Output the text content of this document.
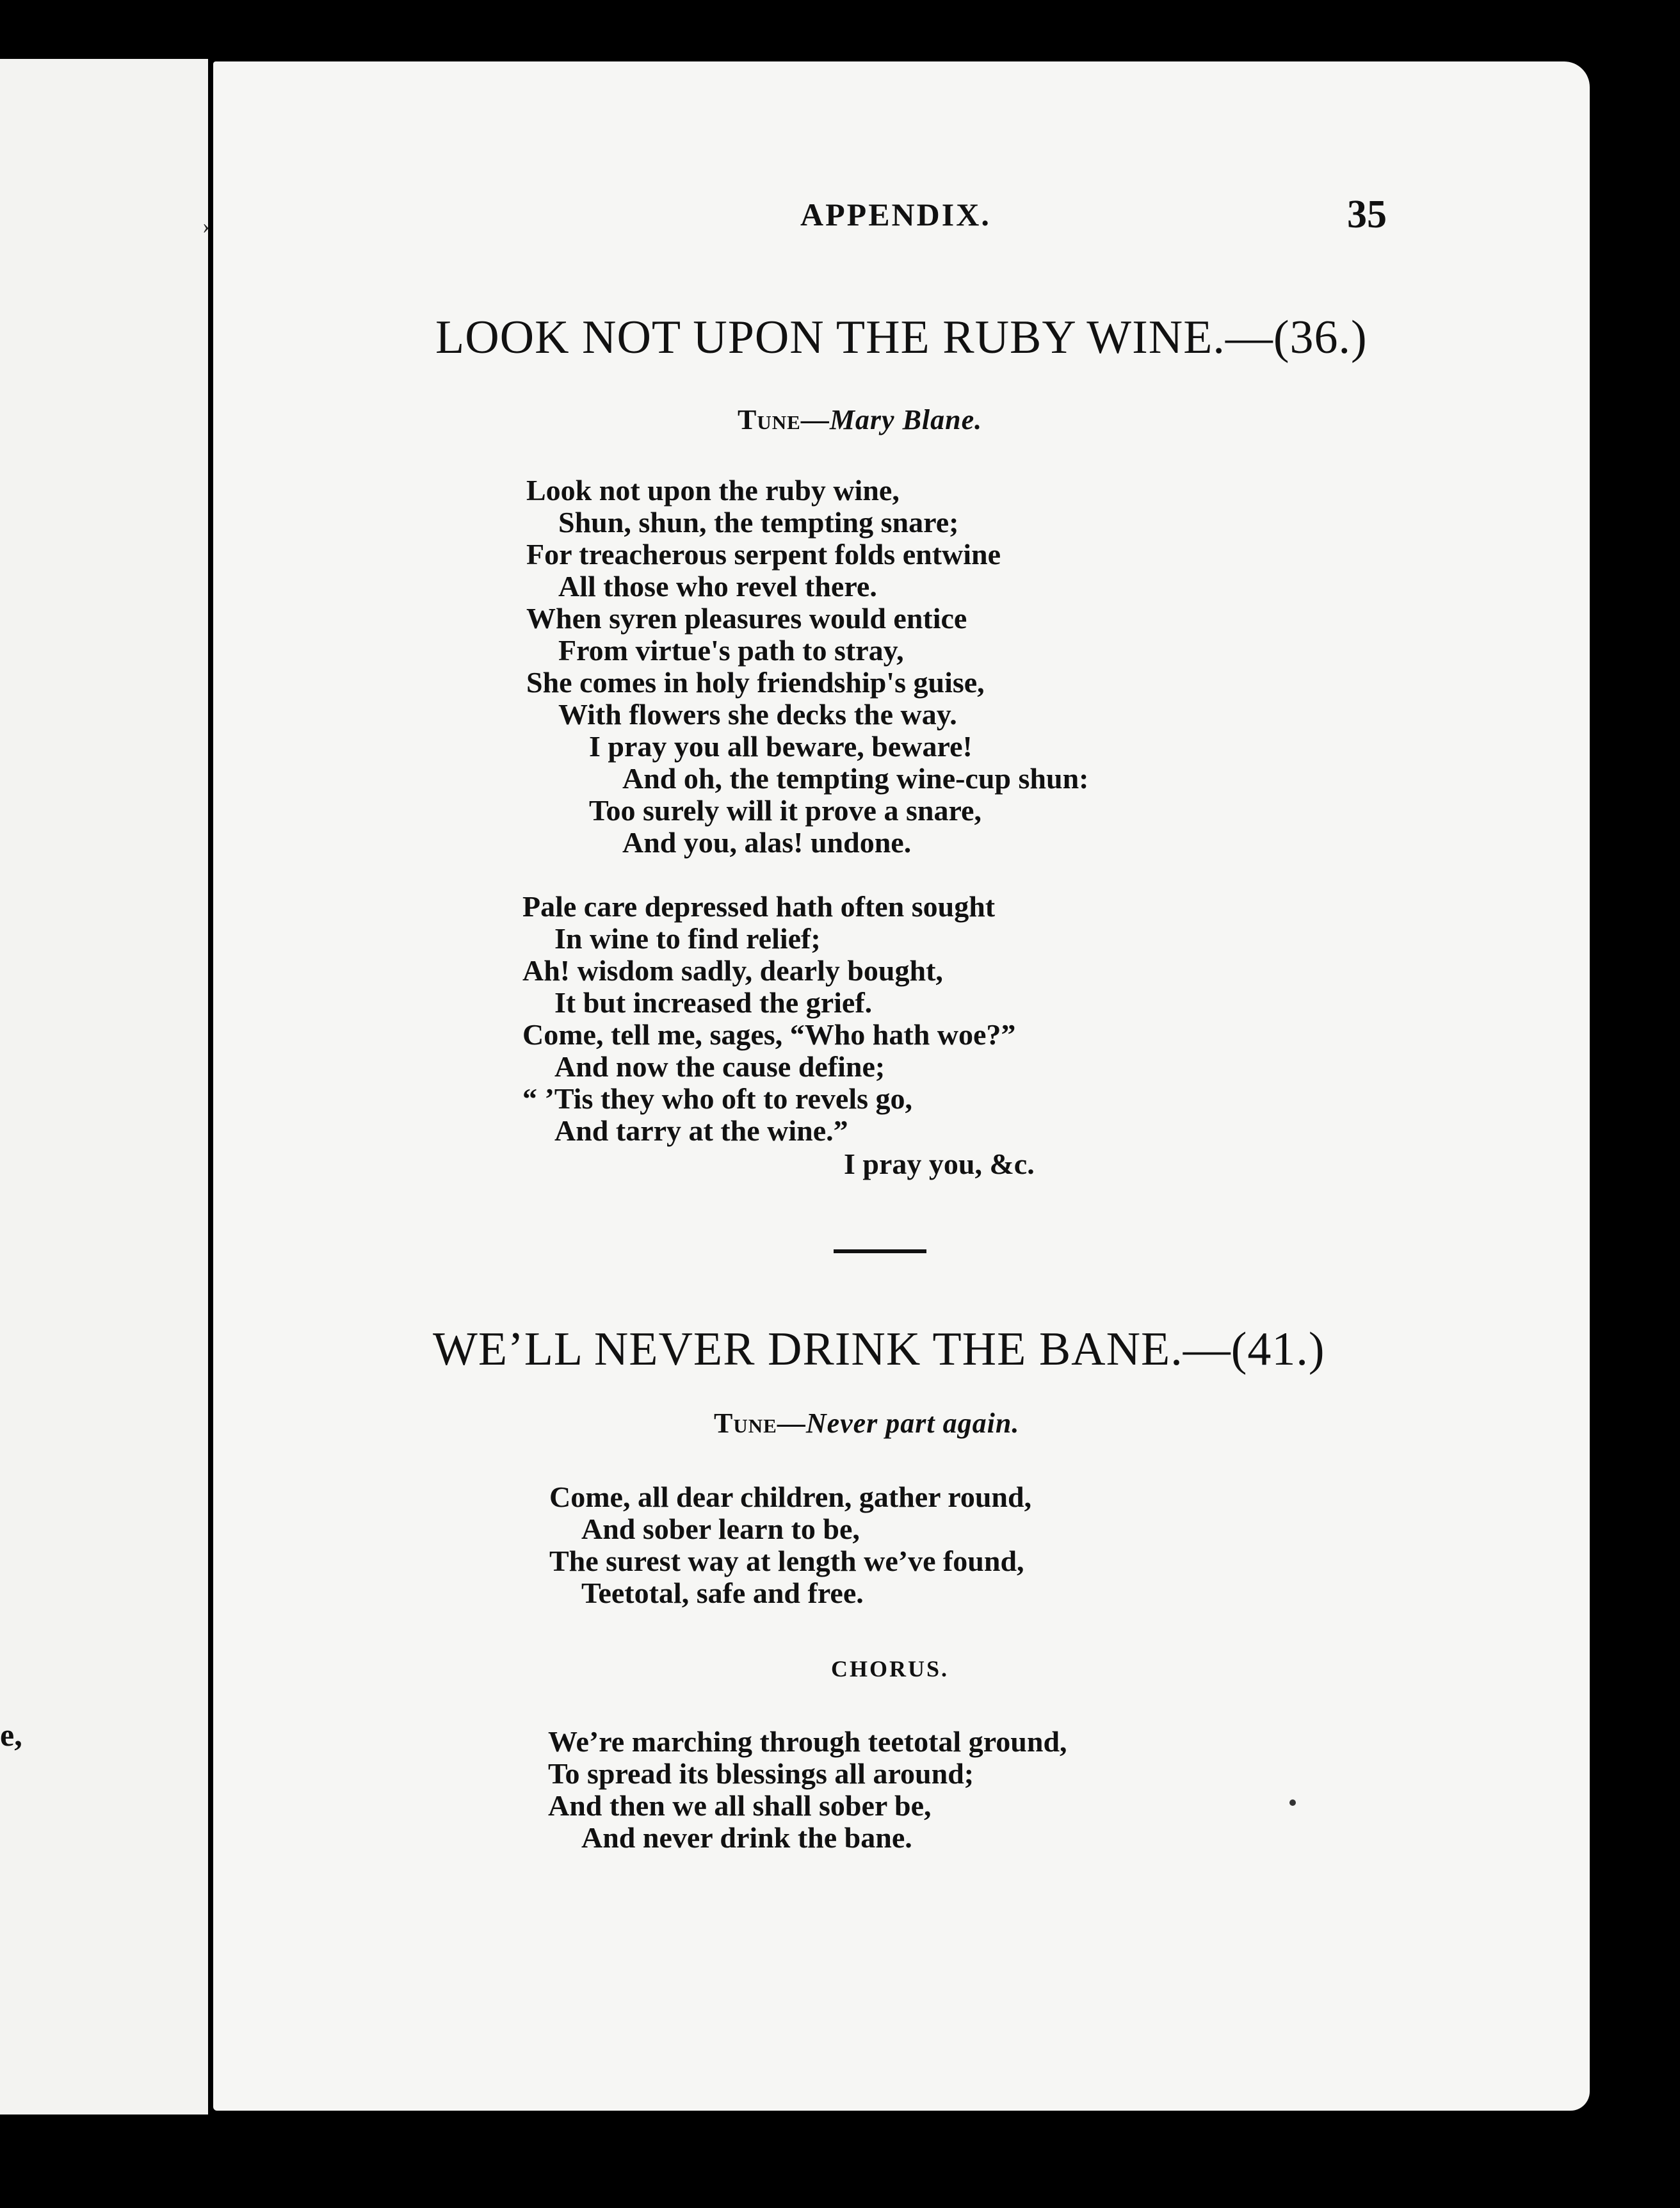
e,
›	APPENDIX.	35
LOOK NOT UPON THE RUBY WINE.—(36.)
Tune—Mary Blane.
Look not upon the ruby wine,
Shun, shun, the tempting snare;
For treacherous serpent folds entwine
All those who revel there.
When syren pleasures would entice
From virtue's path to stray,
She comes in holy friendship's guise,
With flowers she decks the way.
I pray you all beware, beware!
And oh, the tempting wine-cup shun:
Too surely will it prove a snare,
And you, alas! undone.
Pale care depressed hath often sought
In wine to find relief;
Ah! wisdom sadly, dearly bought,
It but increased the grief.
Come, tell me, sages, “Who hath woe?”
And now the cause define;
“ ’Tis they who oft to revels go,
And tarry at the wine.”
I pray you, &c.
WE’LL NEVER DRINK THE BANE.—(41.)
Tune—Never part again.
Come, all dear children, gather round,
And sober learn to be,
The surest way at length we’ve found,
Teetotal, safe and free.
CHORUS.
We’re marching through teetotal ground,
To spread its blessings all around;
And then we all shall sober be,
And never drink the bane.
